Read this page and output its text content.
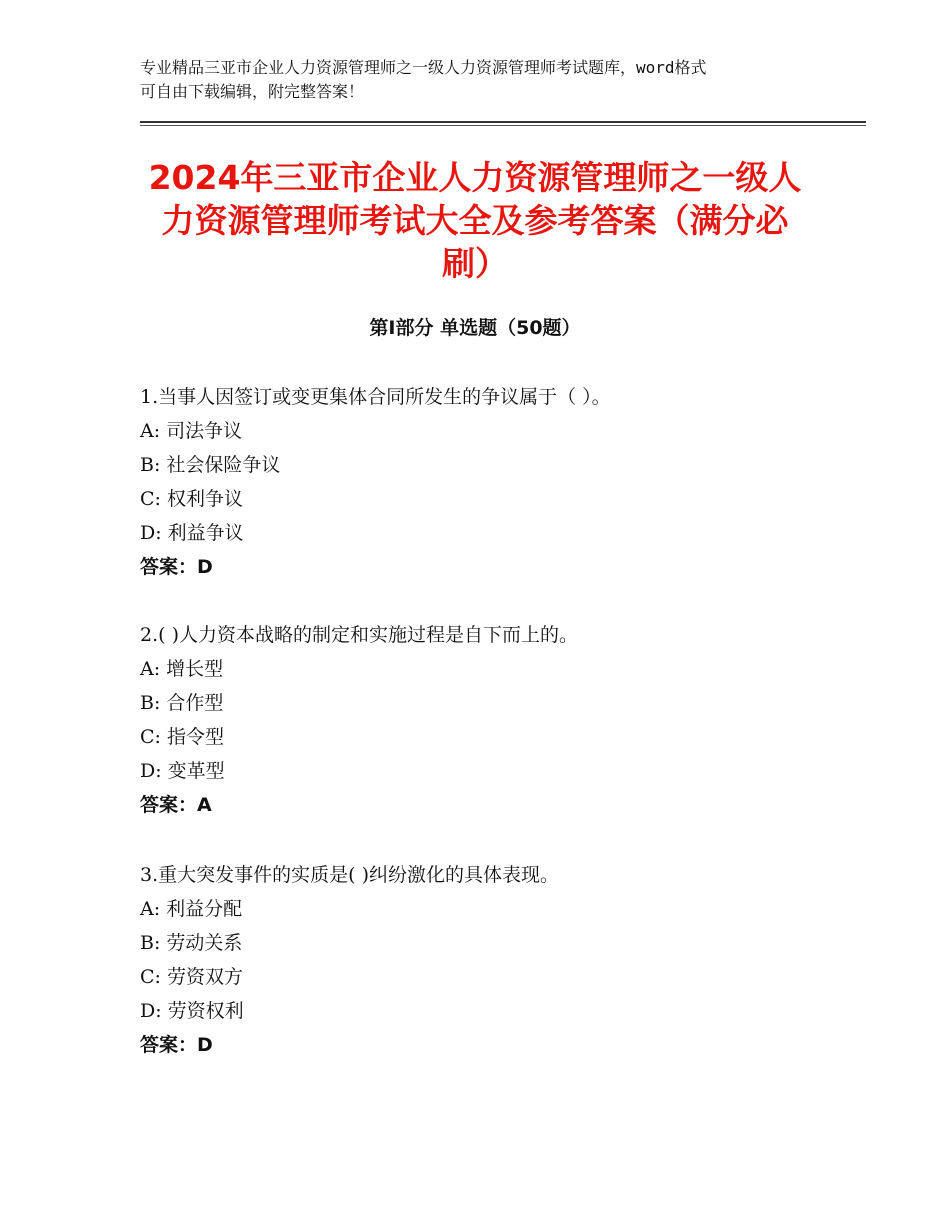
专业精品三亚市企业人力资源管理师之一级人力资源管理师考试题库，word格式
可自由下载编辑，附完整答案！
2024年三亚市企业人力资源管理师之一级人
力资源管理师考试大全及参考答案（满分必
刷）
第Ⅰ部分 单选题（50题）
1.当事人因签订或变更集体合同所发生的争议属于（ ）。
A: 司法争议
B: 社会保险争议
C: 权利争议
D: 利益争议
答案：D
2.( )人力资本战略的制定和实施过程是自下而上的。
A: 增长型
B: 合作型
C: 指令型
D: 变革型
答案：A
3.重大突发事件的实质是( )纠纷激化的具体表现。
A: 利益分配
B: 劳动关系
C: 劳资双方
D: 劳资权利
答案：D
